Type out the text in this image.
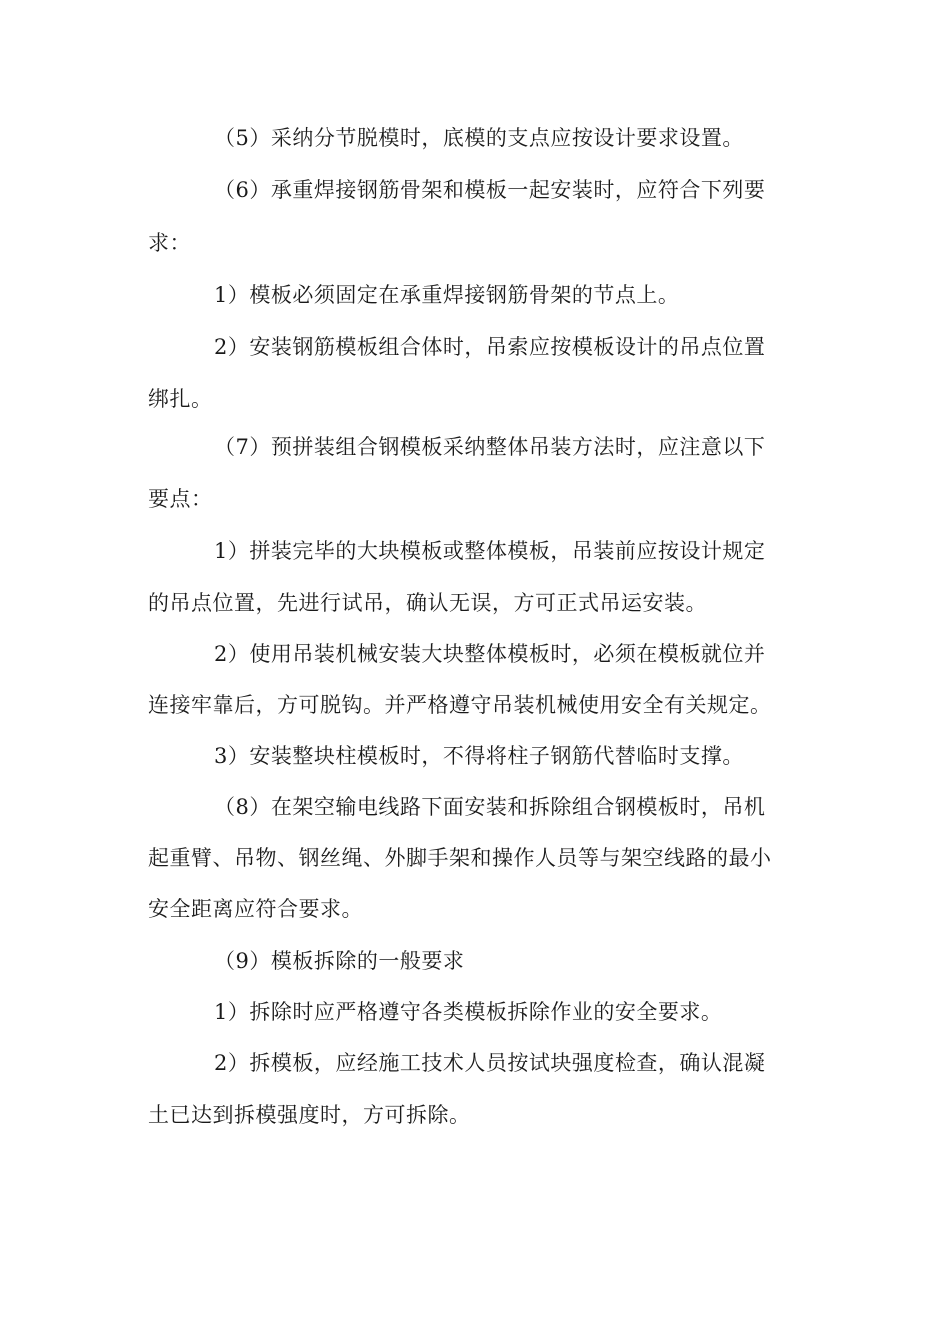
（5）采纳分节脱模时，底模的支点应按设计要求设置。

（6）承重焊接钢筋骨架和模板一起安装时，应符合下列要

求：

1）模板必须固定在承重焊接钢筋骨架的节点上。

2）安装钢筋模板组合体时，吊索应按模板设计的吊点位置

绑扎。

（7）预拼装组合钢模板采纳整体吊装方法时，应注意以下

要点：

1）拼装完毕的大块模板或整体模板，吊装前应按设计规定

的吊点位置，先进行试吊，确认无误，方可正式吊运安装。

2）使用吊装机械安装大块整体模板时，必须在模板就位并

连接牢靠后，方可脱钩。并严格遵守吊装机械使用安全有关规定。

3）安装整块柱模板时，不得将柱子钢筋代替临时支撑。

（8）在架空输电线路下面安装和拆除组合钢模板时，吊机

起重臂、吊物、钢丝绳、外脚手架和操作人员等与架空线路的最小

安全距离应符合要求。

（9）模板拆除的一般要求

1）拆除时应严格遵守各类模板拆除作业的安全要求。

2）拆模板，应经施工技术人员按试块强度检查，确认混凝

土已达到拆模强度时，方可拆除。
